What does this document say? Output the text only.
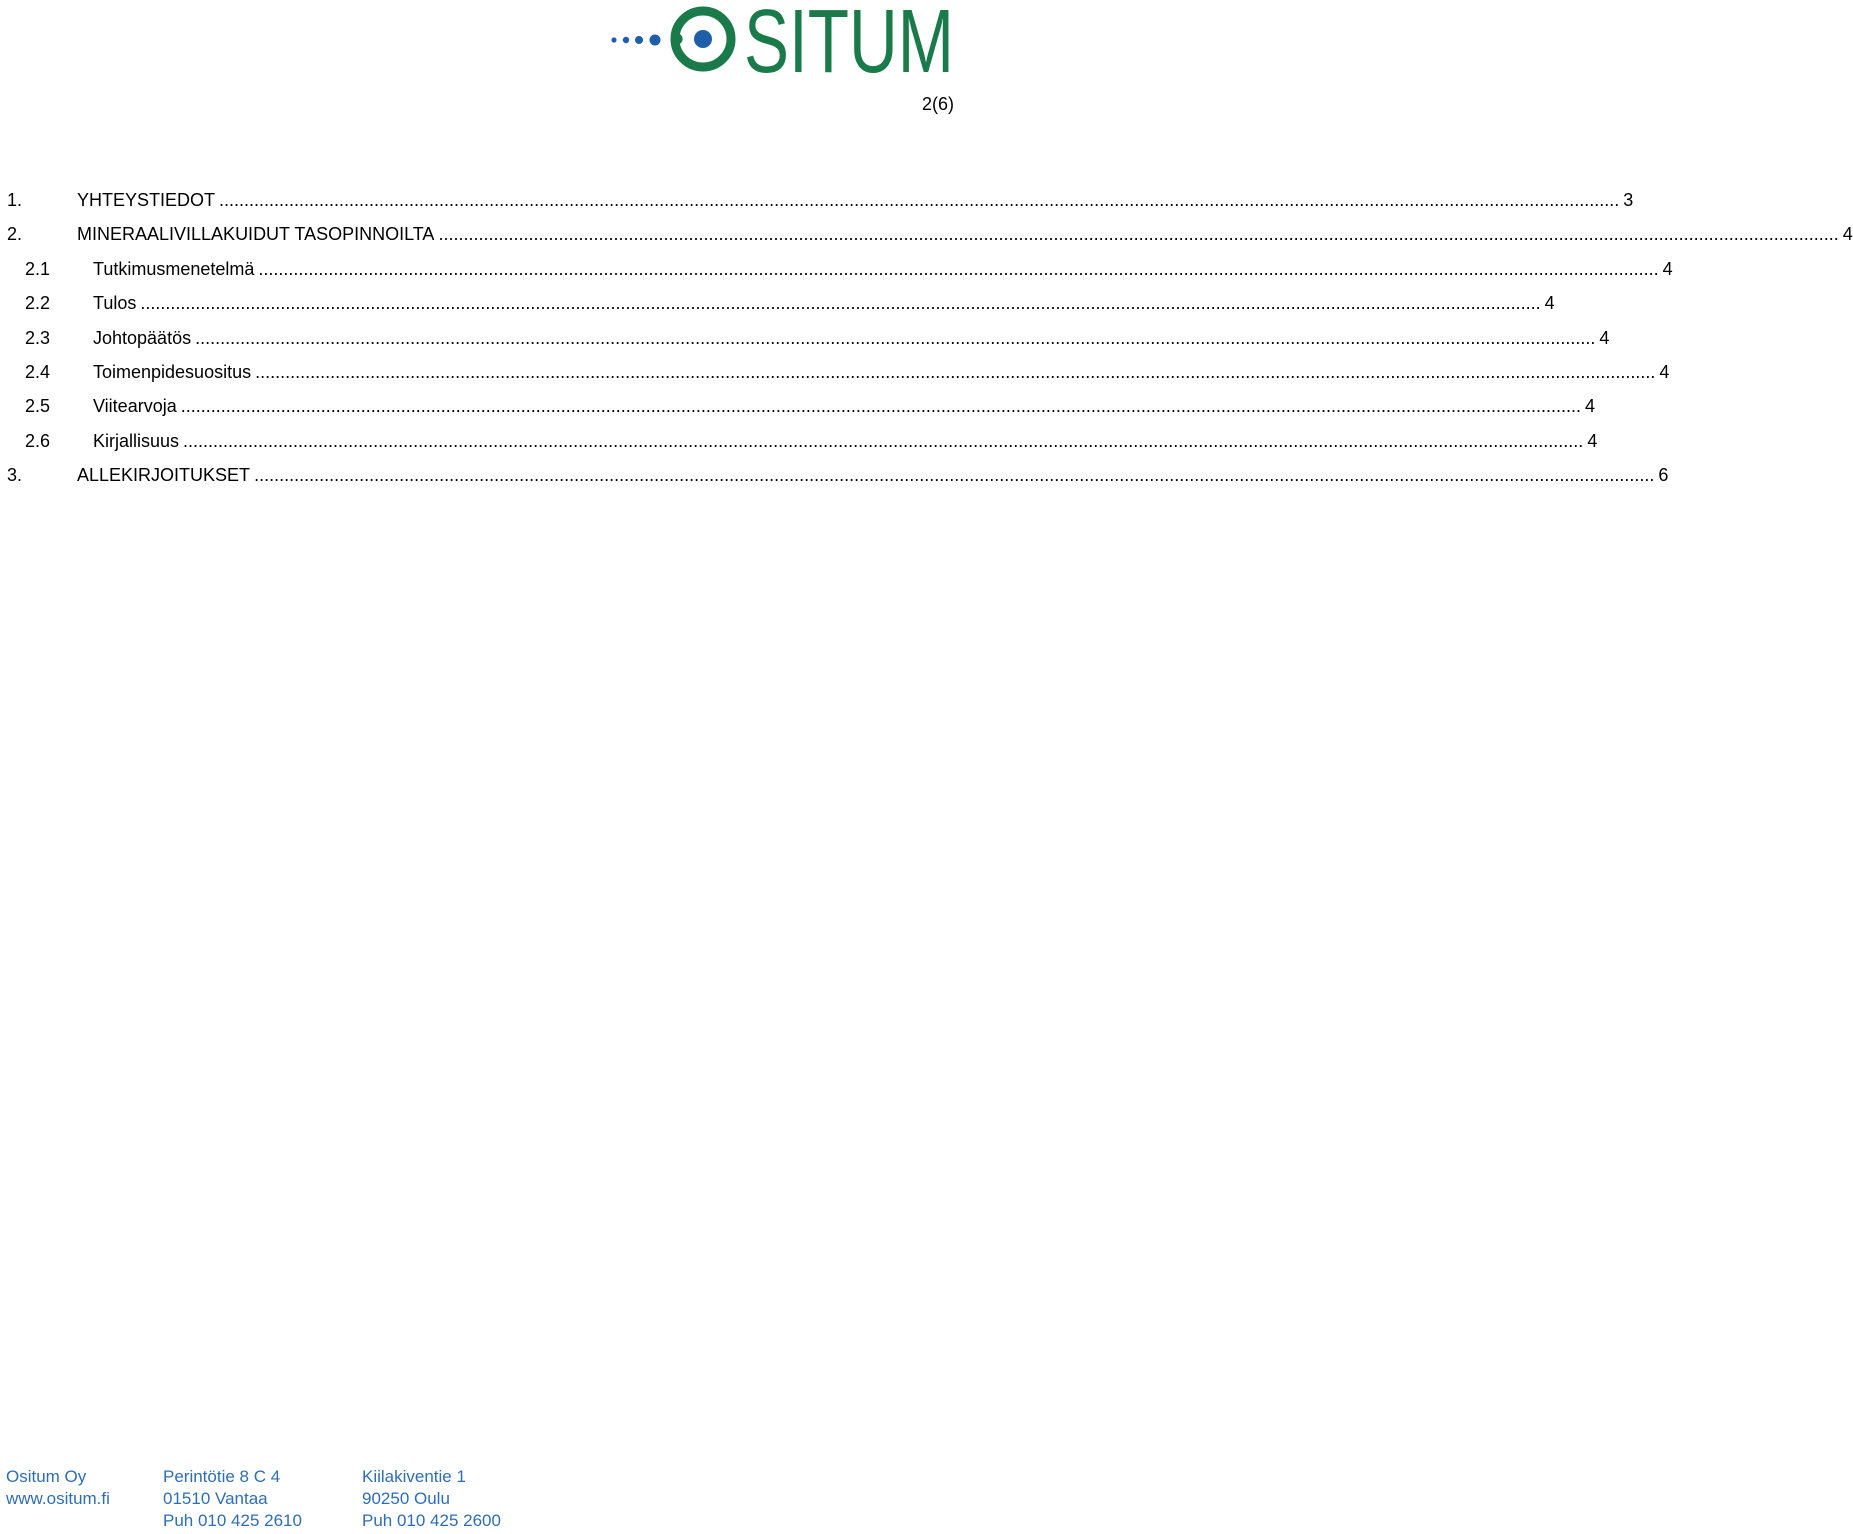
SITUM
2(6)
1.	YHTEYSTIEDOT .....	3
2.	MINERAALIVILLAKUIDUT TASOPINNOILTA .....	4
2.1 Tutkimusmenetelmä .....	4
2.2 Tulos .....	4
2.3 Johtopäätös .....	4
2.4 Toimenpidesuositus .....	4
2.5 Viitearvoja .....	4
2.6 Kirjallisuus .....	4
3.	ALLEKIRJOITUKSET .....	6
Ositum Oy
www.ositum.fi
Perintötie 8 C 4
01510 Vantaa
Puh 010 425 2610
Kiilakiventie 1
90250 Oulu
Puh 010 425 2600
